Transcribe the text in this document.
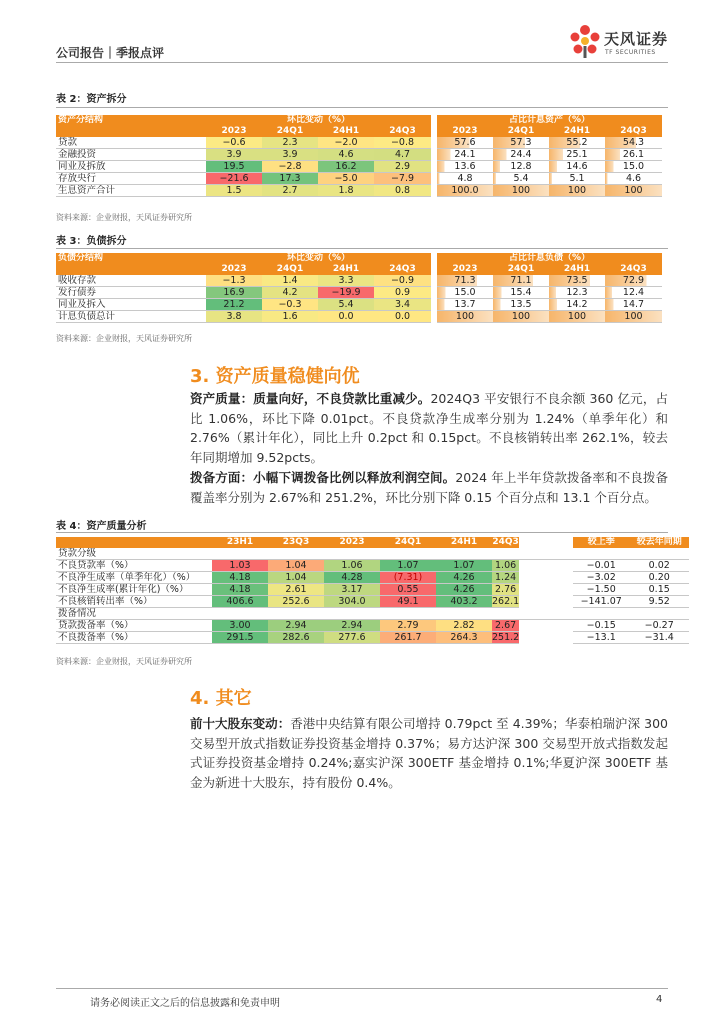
公司报告｜季报点评
天风证券
TF SECURITIES
表 2：资产拆分
资产分结构	环比变动（%）					占比计息资产（%）			
	2023	24Q1	24H1	24Q3		2023	24Q1	24H1	24Q3
贷款	−0.6	2.3	−2.0	−0.8		57.6	57.3	55.2	54.3
金融投资	3.9	3.9	4.6	4.7		24.1	24.4	25.1	26.1
同业及拆放	19.5	−2.8	16.2	2.9		13.6	12.8	14.6	15.0
存放央行	−21.6	17.3	−5.0	−7.9		4.8	5.4	5.1	4.6
生息资产合计	1.5	2.7	1.8	0.8		100.0	100	100	100
资料来源：企业财报，天风证券研究所
表 3：负债拆分
负债分结构	环比变动（%）					占比计息负债（%）			
	2023	24Q1	24H1	24Q3		2023	24Q1	24H1	24Q3
吸收存款	−1.3	1.4	3.3	−0.9		71.3	71.1	73.5	72.9
发行债券	16.9	4.2	−19.9	0.9		15.0	15.4	12.3	12.4
同业及拆入	21.2	−0.3	5.4	3.4		13.7	13.5	14.2	14.7
计息负债总计	3.8	1.6	0.0	0.0		100	100	100	100
资料来源：企业财报，天风证券研究所
3. 资产质量稳健向优
资产质量：质量向好，不良贷款比重减少。2024Q3 平安银行不良余额 360 亿元，占比 1.06%，环比下降 0.01pct。不良贷款净生成率分别为 1.24%（单季年化）和 2.76%（累计年化），同比上升 0.2pct 和 0.15pct。不良核销转出率 262.1%，较去年同期增加 9.52pcts。
拨备方面：小幅下调拨备比例以释放利润空间。2024 年上半年贷款拨备率和不良拨备覆盖率分别为 2.67%和 251.2%，环比分别下降 0.15 个百分点和 13.1 个百分点。
表 4：资产质量分析
	23H1	23Q3	2023	24Q1	24H1	24Q3		较上季	较去年同期
贷款分级									
不良贷款率（%）	1.03	1.04	1.06	1.07	1.07	1.06		−0.01	0.02
不良净生成率（单季年化）（%）	4.18	1.04	4.28	(7.31)	4.26	1.24		−3.02	0.20
不良净生成率(累计年化)（%）	4.18	2.61	3.17	0.55	4.26	2.76		−1.50	0.15
不良核销转出率（%）	406.6	252.6	304.0	49.1	403.2	262.1		−141.07	9.52
拨备情况									
贷款拨备率（%）	3.00	2.94	2.94	2.79	2.82	2.67		−0.15	−0.27
不良拨备率（%）	291.5	282.6	277.6	261.7	264.3	251.2		−13.1	−31.4
资料来源：企业财报，天风证券研究所
4. 其它
前十大股东变动：香港中央结算有限公司增持 0.79pct 至 4.39%；华泰柏瑞沪深 300 交易型开放式指数证券投资基金增持 0.37%；易方达沪深 300 交易型开放式指数发起式证券投资基金增持 0.24%;嘉实沪深 300ETF 基金增持 0.1%;华夏沪深 300ETF 基金为新进十大股东，持有股份 0.4%。
请务必阅读正文之后的信息披露和免责申明	4
